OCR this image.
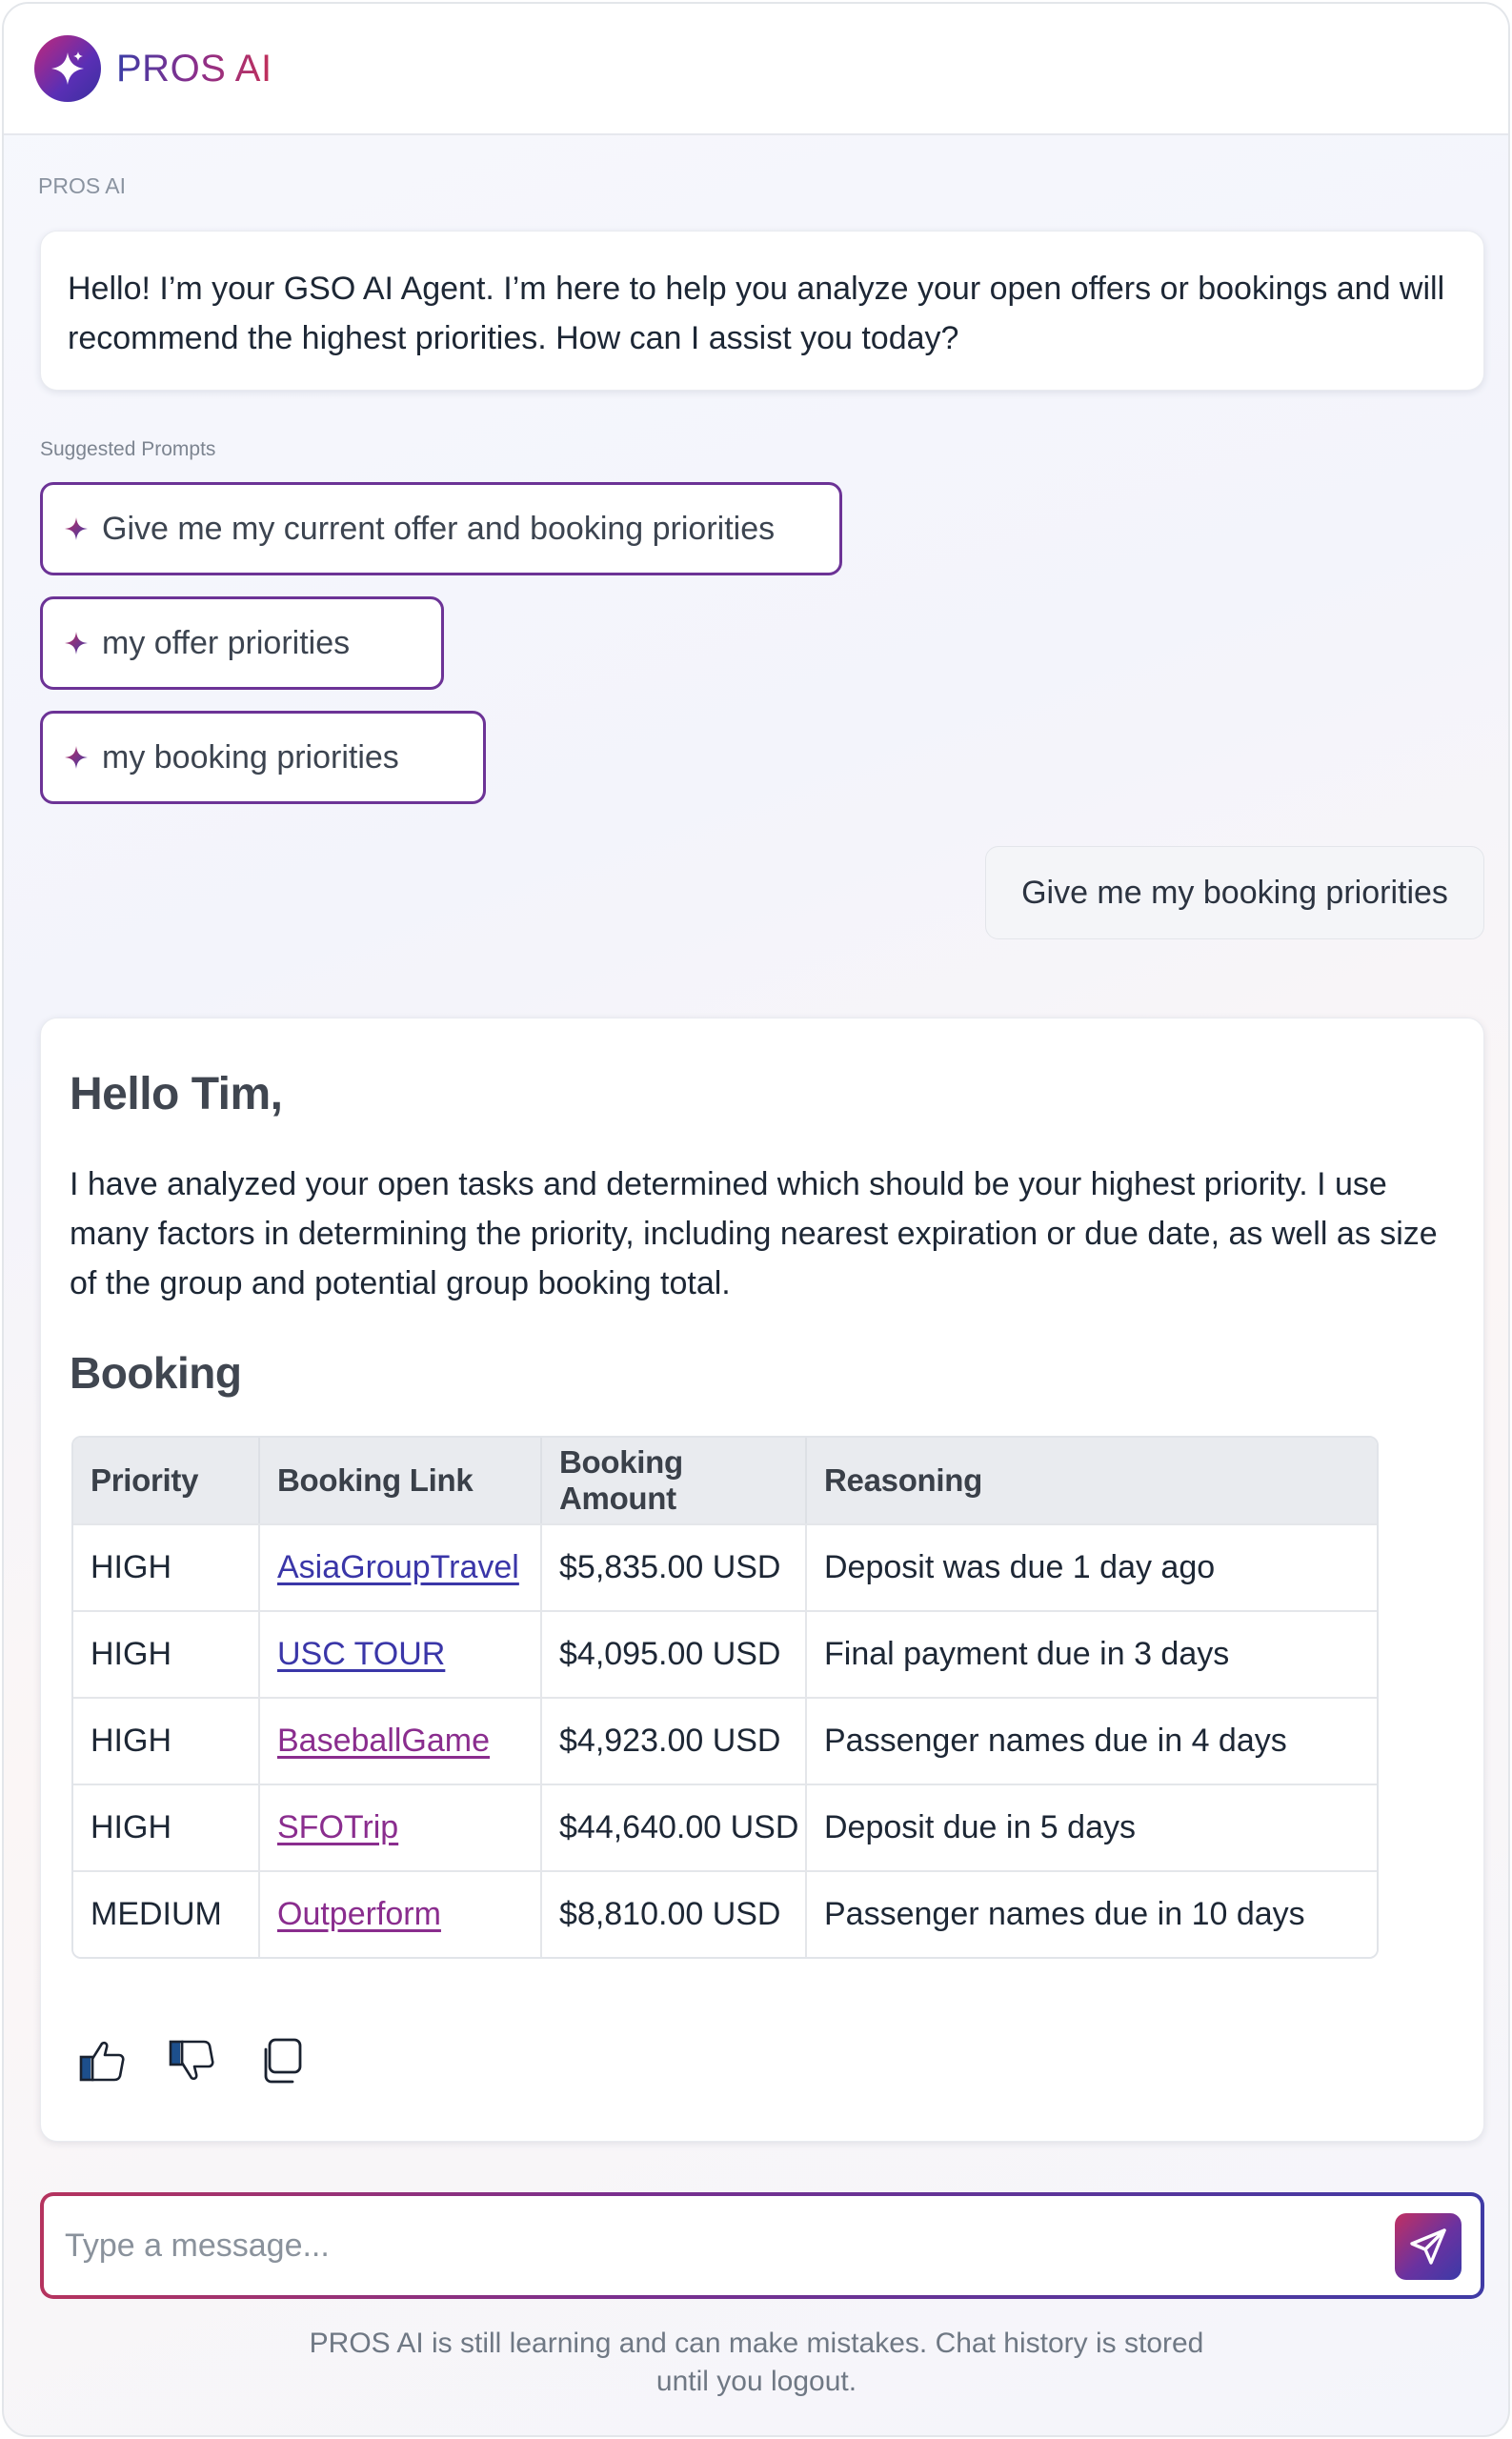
PROS AI
PROS AI

Hello! I’m your GSO AI Agent. I’m here to help you analyze your open offers or bookings and will recommend the highest priorities. How can I assist you today?

Suggested Prompts
Give me my current offer and booking priorities
my offer priorities
my booking priorities
Give me my booking priorities
Hello Tim,
I have analyzed your open tasks and determined which should be your highest priority. I use many factors in determining the priority, including nearest expiration or due date, as well as size of the group and potential group booking total.
Booking
Priority	Booking Link	Booking Amount	Reasoning
HIGH	AsiaGroupTravel	$5,835.00 USD	Deposit was due 1 day ago
HIGH	USC TOUR	$4,095.00 USD	Final payment due in 3 days
HIGH	BaseballGame	$4,923.00 USD	Passenger names due in 4 days
HIGH	SFOTrip	$44,640.00 USD	Deposit due in 5 days
MEDIUM	Outperform	$8,810.00 USD	Passenger names due in 10 days
Type a message...
PROS AI is still learning and can make mistakes. Chat history is stored until you logout.
